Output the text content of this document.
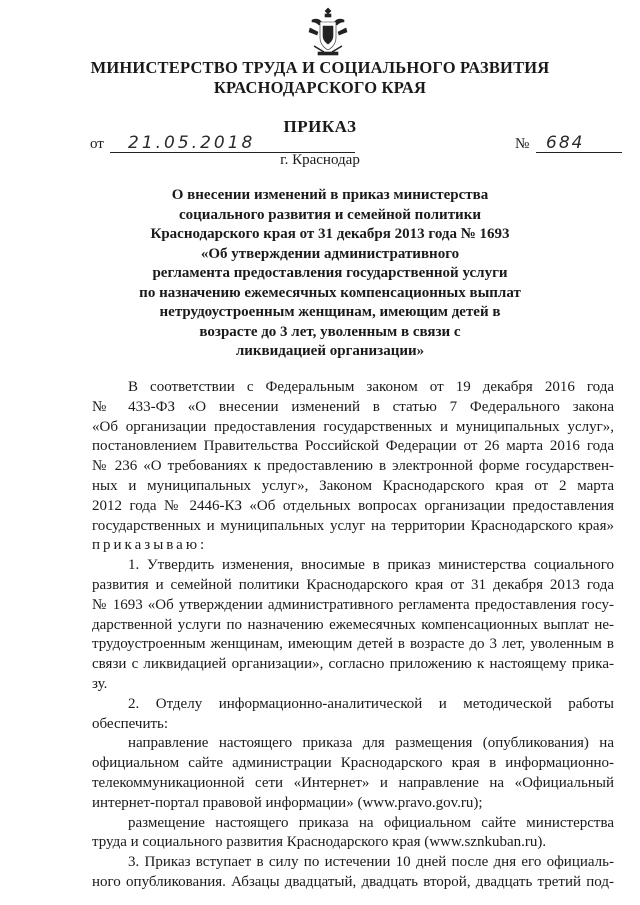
МИНИСТЕРСТВО ТРУДА И СОЦИАЛЬНОГО РАЗВИТИЯ
КРАСНОДАРСКОГО КРАЯ
ПРИКАЗ
от	21.05.2018	№ 684
г. Краснодар
О внесении изменений в приказ министерства
социального развития и семейной политики
Краснодарского края от 31 декабря 2013 года № 1693
«Об утверждении административного
регламента предоставления государственной услуги
по назначению ежемесячных компенсационных выплат
нетрудоустроенным женщинам, имеющим детей в
возрасте до 3 лет, уволенным в связи с
ликвидацией организации»
В соответствии с Федеральным законом от 19 декабря 2016 года
№ 433-ФЗ «О внесении изменений в статью 7 Федерального закона
«Об организации предоставления государственных и муниципальных услуг»,
постановлением Правительства Российской Федерации от 26 марта 2016 года
№ 236 «О требованиях к предоставлению в электронной форме государствен-
ных и муниципальных услуг», Законом Краснодарского края от 2 марта
2012 года № 2446-КЗ «Об отдельных вопросах организации предоставления
государственных и муниципальных услуг на территории Краснодарского края»
приказываю:
1. Утвердить изменения, вносимые в приказ министерства социального
развития и семейной политики Краснодарского края от 31 декабря 2013 года
№ 1693 «Об утверждении административного регламента предоставления госу-
дарственной услуги по назначению ежемесячных компенсационных выплат не-
трудоустроенным женщинам, имеющим детей в возрасте до 3 лет, уволенным в
связи с ликвидацией организации», согласно приложению к настоящему прика-
зу.
2. Отделу информационно-аналитической и методической работы
обеспечить:
направление настоящего приказа для размещения (опубликования) на
официальном сайте администрации Краснодарского края в информационно-
телекоммуникационной сети «Интернет» и направление на «Официальный
интернет-портал правовой информации» (www.pravo.gov.ru);
размещение настоящего приказа на официальном сайте министерства
труда и социального развития Краснодарского края (www.sznkuban.ru).
3. Приказ вступает в силу по истечении 10 дней после дня его официаль-
ного опубликования. Абзацы двадцатый, двадцать второй, двадцать третий под-
